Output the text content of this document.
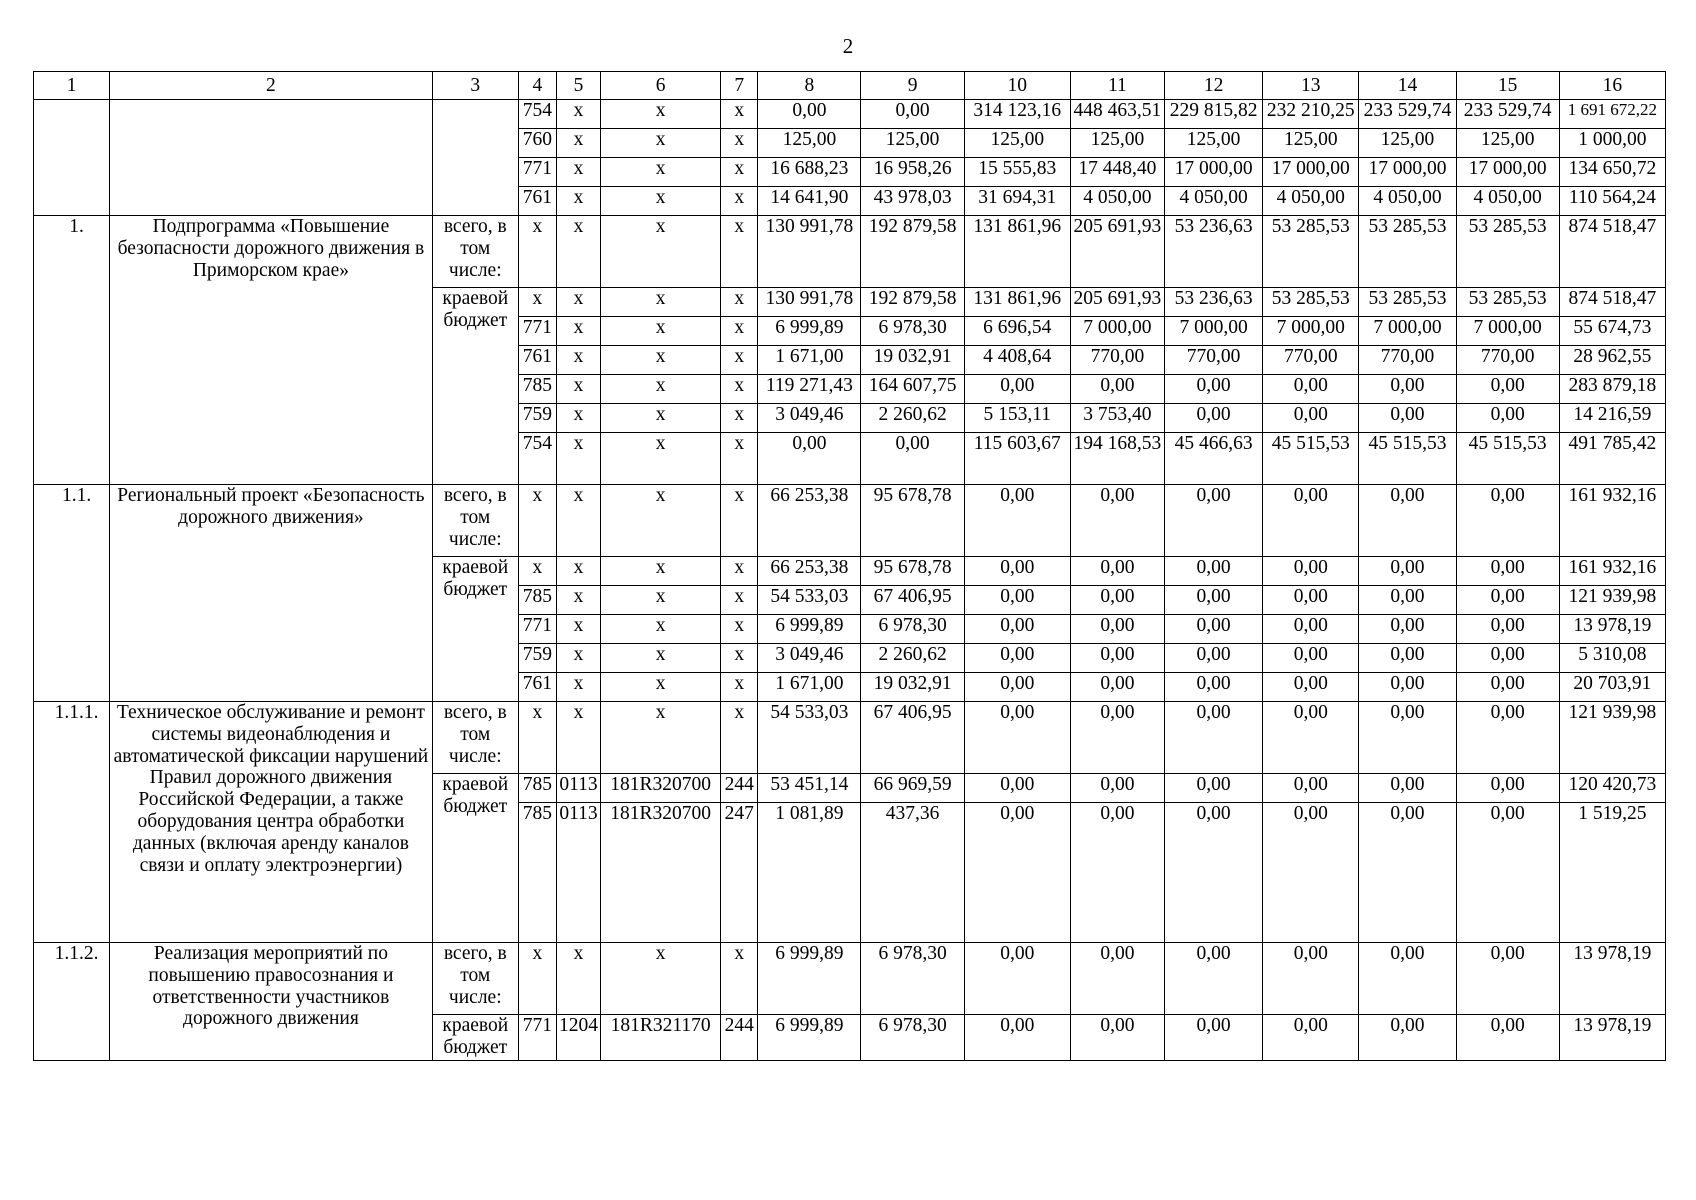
2
1	2	3	4	5	6	7	8	9	10	11	12	13	14	15	16
			754	x	x	x	0,00	0,00	314 123,16	448 463,51	229 815,82	232 210,25	233 529,74	233 529,74	1 691 672,22
			760	x	x	x	125,00	125,00	125,00	125,00	125,00	125,00	125,00	125,00	1 000,00
			771	x	x	x	16 688,23	16 958,26	15 555,83	17 448,40	17 000,00	17 000,00	17 000,00	17 000,00	134 650,72
			761	x	x	x	14 641,90	43 978,03	31 694,31	4 050,00	4 050,00	4 050,00	4 050,00	4 050,00	110 564,24
1.	Подпрограмма «Повышение безопасности дорожного движения в Приморском крае»	всего, в том числе:	x	x	x	x	130 991,78	192 879,58	131 861,96	205 691,93	53 236,63	53 285,53	53 285,53	53 285,53	874 518,47
		краевой бюджет	x	x	x	x	130 991,78	192 879,58	131 861,96	205 691,93	53 236,63	53 285,53	53 285,53	53 285,53	874 518,47
			771	x	x	x	6 999,89	6 978,30	6 696,54	7 000,00	7 000,00	7 000,00	7 000,00	7 000,00	55 674,73
			761	x	x	x	1 671,00	19 032,91	4 408,64	770,00	770,00	770,00	770,00	770,00	28 962,55
			785	x	x	x	119 271,43	164 607,75	0,00	0,00	0,00	0,00	0,00	0,00	283 879,18
			759	x	x	x	3 049,46	2 260,62	5 153,11	3 753,40	0,00	0,00	0,00	0,00	14 216,59
			754	x	x	x	0,00	0,00	115 603,67	194 168,53	45 466,63	45 515,53	45 515,53	45 515,53	491 785,42
1.1.	Региональный проект «Безопасность дорожного движения»	всего, в том числе:	x	x	x	x	66 253,38	95 678,78	0,00	0,00	0,00	0,00	0,00	0,00	161 932,16
		краевой бюджет	x	x	x	x	66 253,38	95 678,78	0,00	0,00	0,00	0,00	0,00	0,00	161 932,16
			785	x	x	x	54 533,03	67 406,95	0,00	0,00	0,00	0,00	0,00	0,00	121 939,98
			771	x	x	x	6 999,89	6 978,30	0,00	0,00	0,00	0,00	0,00	0,00	13 978,19
			759	x	x	x	3 049,46	2 260,62	0,00	0,00	0,00	0,00	0,00	0,00	5 310,08
			761	x	x	x	1 671,00	19 032,91	0,00	0,00	0,00	0,00	0,00	0,00	20 703,91
1.1.1.	Техническое обслуживание и ремонт системы видеонаблюдения и автоматической фиксации нарушений Правил дорожного движения Российской Федерации, а также оборудования центра обработки данных (включая аренду каналов связи и оплату электроэнергии)	всего, в том числе:	x	x	x	x	54 533,03	67 406,95	0,00	0,00	0,00	0,00	0,00	0,00	121 939,98
		краевой бюджет	785	0113	181R320700	244	53 451,14	66 969,59	0,00	0,00	0,00	0,00	0,00	0,00	120 420,73
			785	0113	181R320700	247	1 081,89	437,36	0,00	0,00	0,00	0,00	0,00	0,00	1 519,25
1.1.2.	Реализация мероприятий по повышению правосознания и ответственности участников дорожного движения	всего, в том числе:	x	x	x	x	6 999,89	6 978,30	0,00	0,00	0,00	0,00	0,00	0,00	13 978,19
		краевой бюджет	771	1204	181R321170	244	6 999,89	6 978,30	0,00	0,00	0,00	0,00	0,00	0,00	13 978,19
